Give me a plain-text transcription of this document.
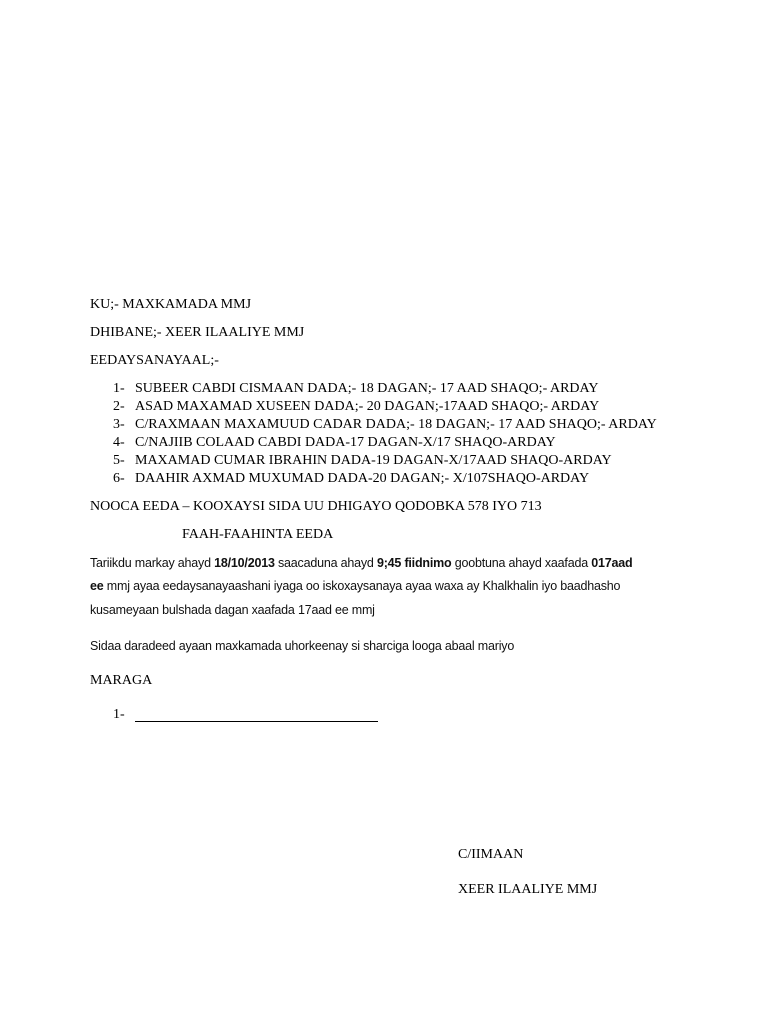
KU;- MAXKAMADA MMJ
DHIBANE;- XEER ILAALIYE MMJ
EEDAYSANAYAAL;-
1- SUBEER CABDI CISMAAN DADA;- 18 DAGAN;- 17 AAD SHAQO;- ARDAY
2- ASAD MAXAMAD XUSEEN DADA;- 20 DAGAN;-17AAD SHAQO;- ARDAY
3- C/RAXMAAN MAXAMUUD CADAR DADA;- 18 DAGAN;- 17 AAD SHAQO;- ARDAY
4- C/NAJIIB COLAAD CABDI DADA-17 DAGAN-X/17 SHAQO-ARDAY
5- MAXAMAD CUMAR IBRAHIN DADA-19 DAGAN-X/17AAD SHAQO-ARDAY
6- DAAHIR AXMAD MUXUMAD DADA-20 DAGAN;- X/107SHAQO-ARDAY
NOOCA EEDA – KOOXAYSI SIDA UU DHIGAYO QODOBKA 578 IYO 713
FAAH-FAAHINTA EEDA
Tariikdu markay ahayd 18/10/2013 saacaduna ahayd 9;45 fiidnimo goobtuna ahayd xaafada 017aad
ee mmj ayaa eedaysanayaashani iyaga oo iskoxaysanaya ayaa waxa ay Khalkhalin iyo baadhasho
kusameyaan bulshada dagan xaafada 17aad ee mmj
Sidaa daradeed ayaan maxkamada uhorkeenay si sharciga looga abaal mariyo
MARAGA
1-
C/IIMAAN
XEER ILAALIYE MMJ
